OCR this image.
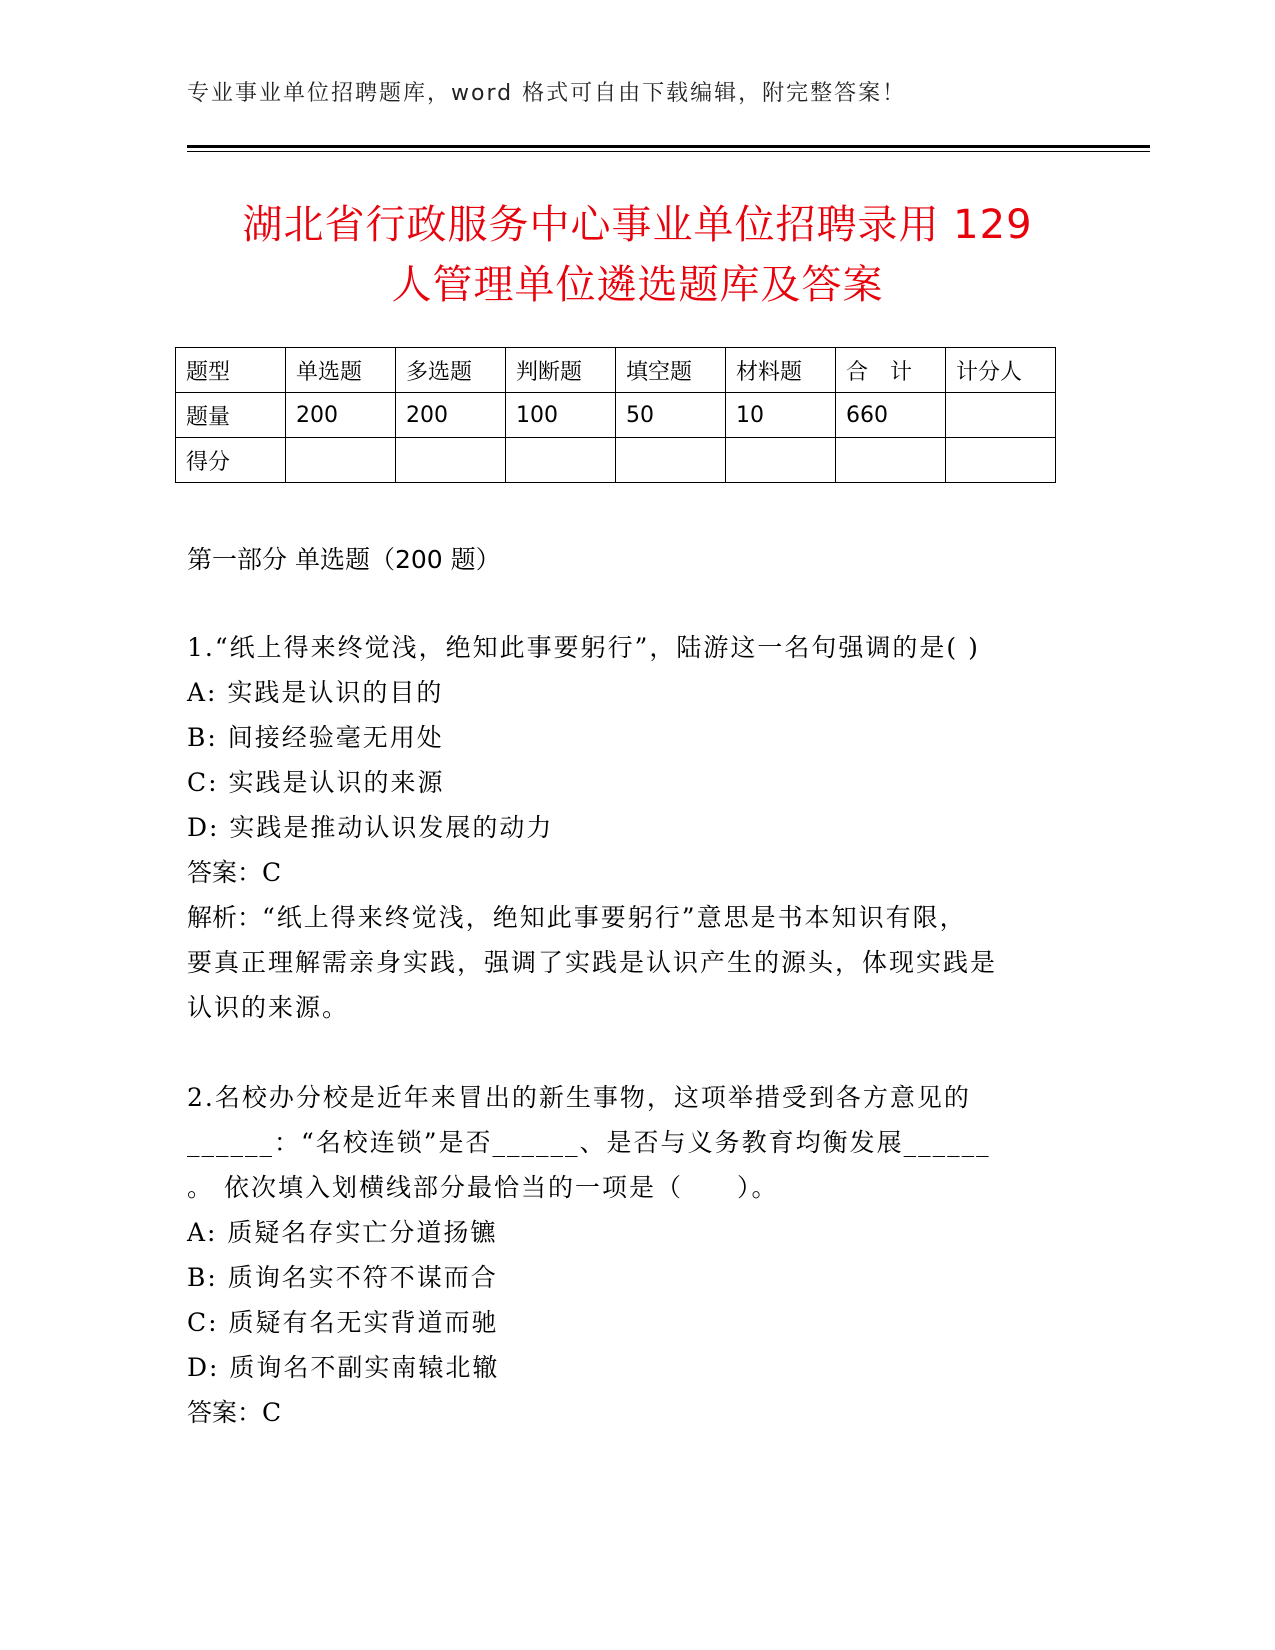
专业事业单位招聘题库，word 格式可自由下载编辑，附完整答案！
湖北省行政服务中心事业单位招聘录用 129
人管理单位遴选题库及答案
题型	单选题	多选题	判断题	填空题	材料题	合　计	计分人
题量	200	200	100	50	10	660	
得分							
第一部分 单选题（200 题）
1.“纸上得来终觉浅，绝知此事要躬行”，陆游这一名句强调的是( )
A: 实践是认识的目的
B: 间接经验毫无用处
C: 实践是认识的来源
D: 实践是推动认识发展的动力
答案：C
解析：“纸上得来终觉浅，绝知此事要躬行”意思是书本知识有限，
要真正理解需亲身实践，强调了实践是认识产生的源头，体现实践是
认识的来源。
2.名校办分校是近年来冒出的新生事物，这项举措受到各方意见的
______：“名校连锁”是否______、是否与义务教育均衡发展______
。 依次填入划横线部分最恰当的一项是（　　）。
A: 质疑名存实亡分道扬镳
B: 质询名实不符不谋而合
C: 质疑有名无实背道而驰
D: 质询名不副实南辕北辙
答案：C
